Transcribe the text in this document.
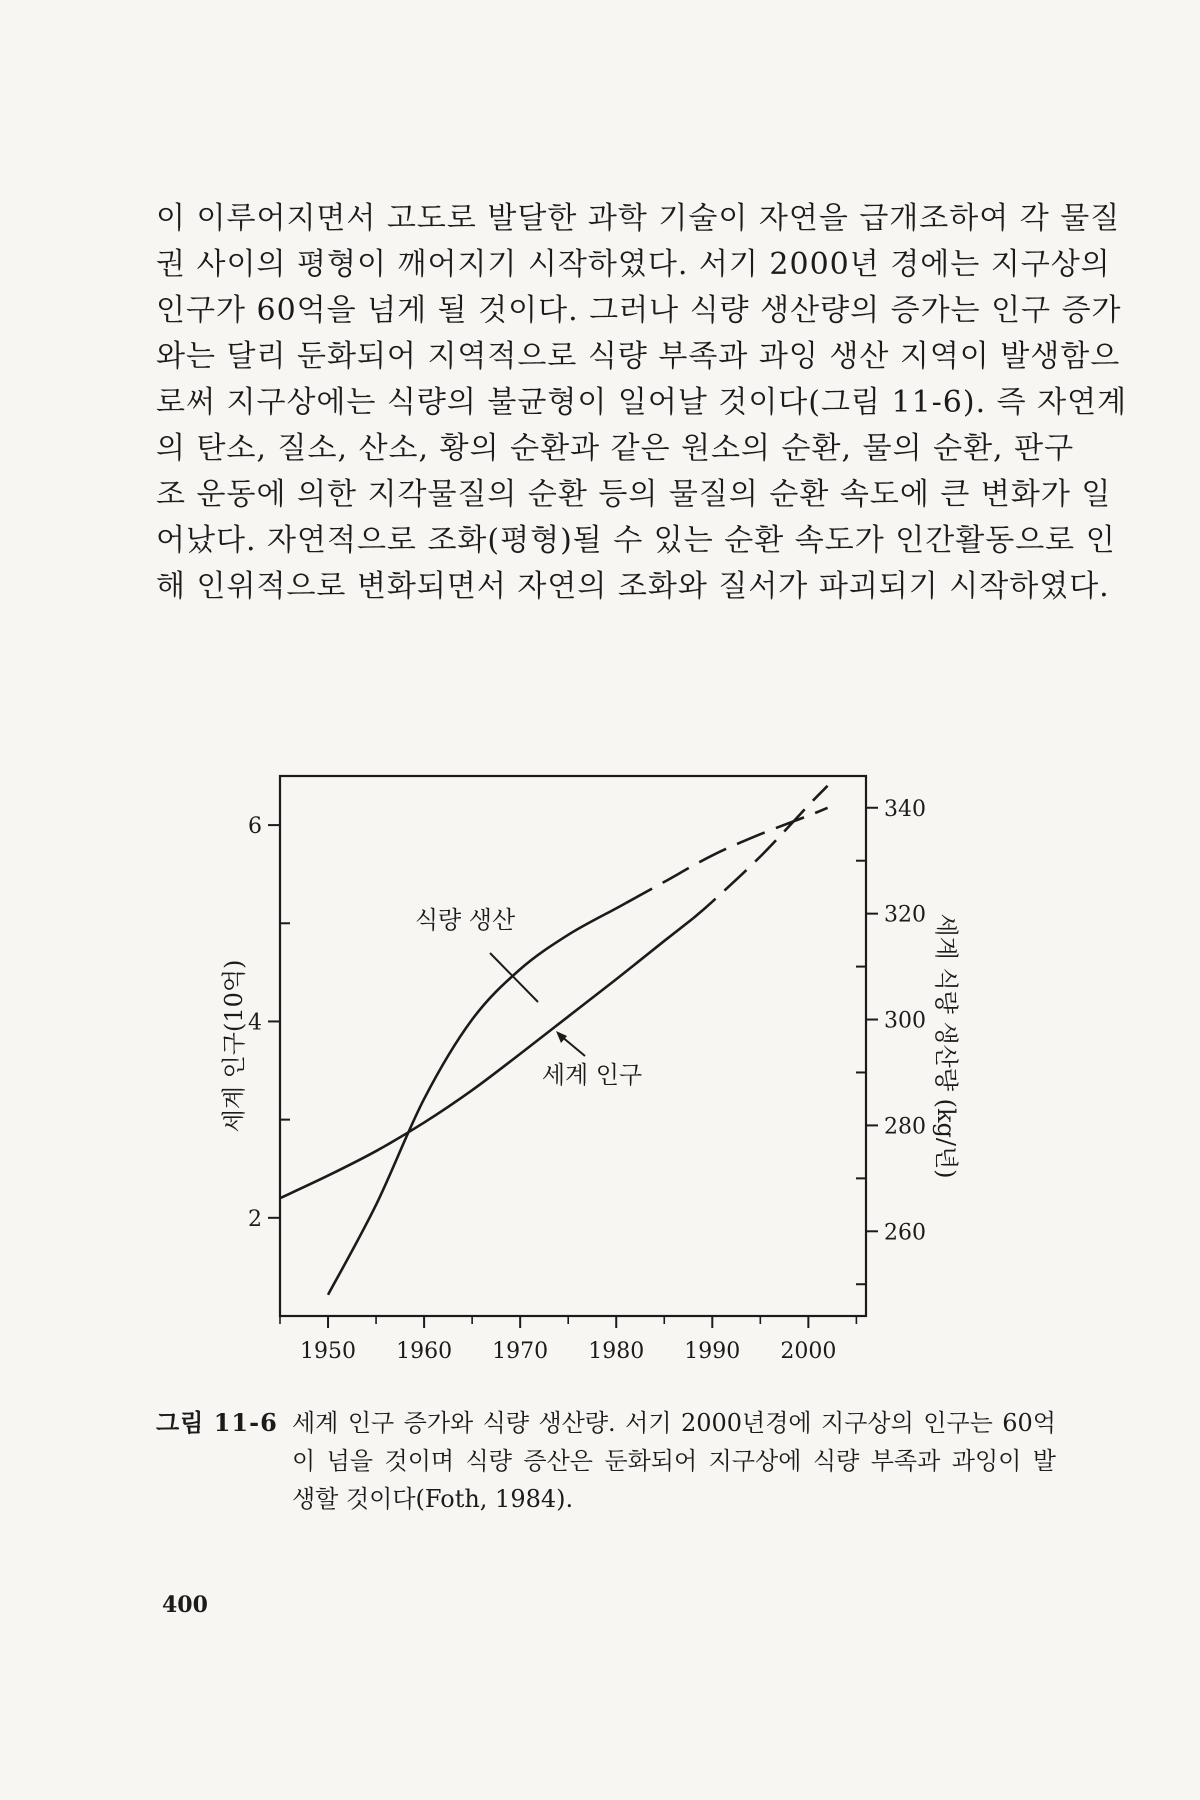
이 이루어지면서 고도로 발달한 과학 기술이 자연을 급개조하여 각 물질
권 사이의 평형이 깨어지기 시작하였다. 서기 2000년 경에는 지구상의
인구가 60억을 넘게 될 것이다. 그러나 식량 생산량의 증가는 인구 증가
와는 달리 둔화되어 지역적으로 식량 부족과 과잉 생산 지역이 발생함으
로써 지구상에는 식량의 불균형이 일어날 것이다(그림 11-6). 즉 자연계
의 탄소, 질소, 산소, 황의 순환과 같은 원소의 순환, 물의 순환, 판구
조 운동에 의한 지각물질의 순환 등의 물질의 순환 속도에 큰 변화가 일
어났다. 자연적으로 조화(평형)될 수 있는 순환 속도가 인간활동으로 인
해 인위적으로 변화되면서 자연의 조화와 질서가 파괴되기 시작하였다.
1950 1960 1970 1980 1990 2000
2
4
6
260
280
300
320
340
세계 인구(10억)	세계 식량 생산량 (kg/년)
식량 생산
세계 인구
그림 11-6 세계 인구 증가와 식량 생산량. 서기 2000년경에 지구상의 인구는 60억
이 넘을 것이며 식량 증산은 둔화되어 지구상에 식량 부족과 과잉이 발
생할 것이다(Foth, 1984).
400
